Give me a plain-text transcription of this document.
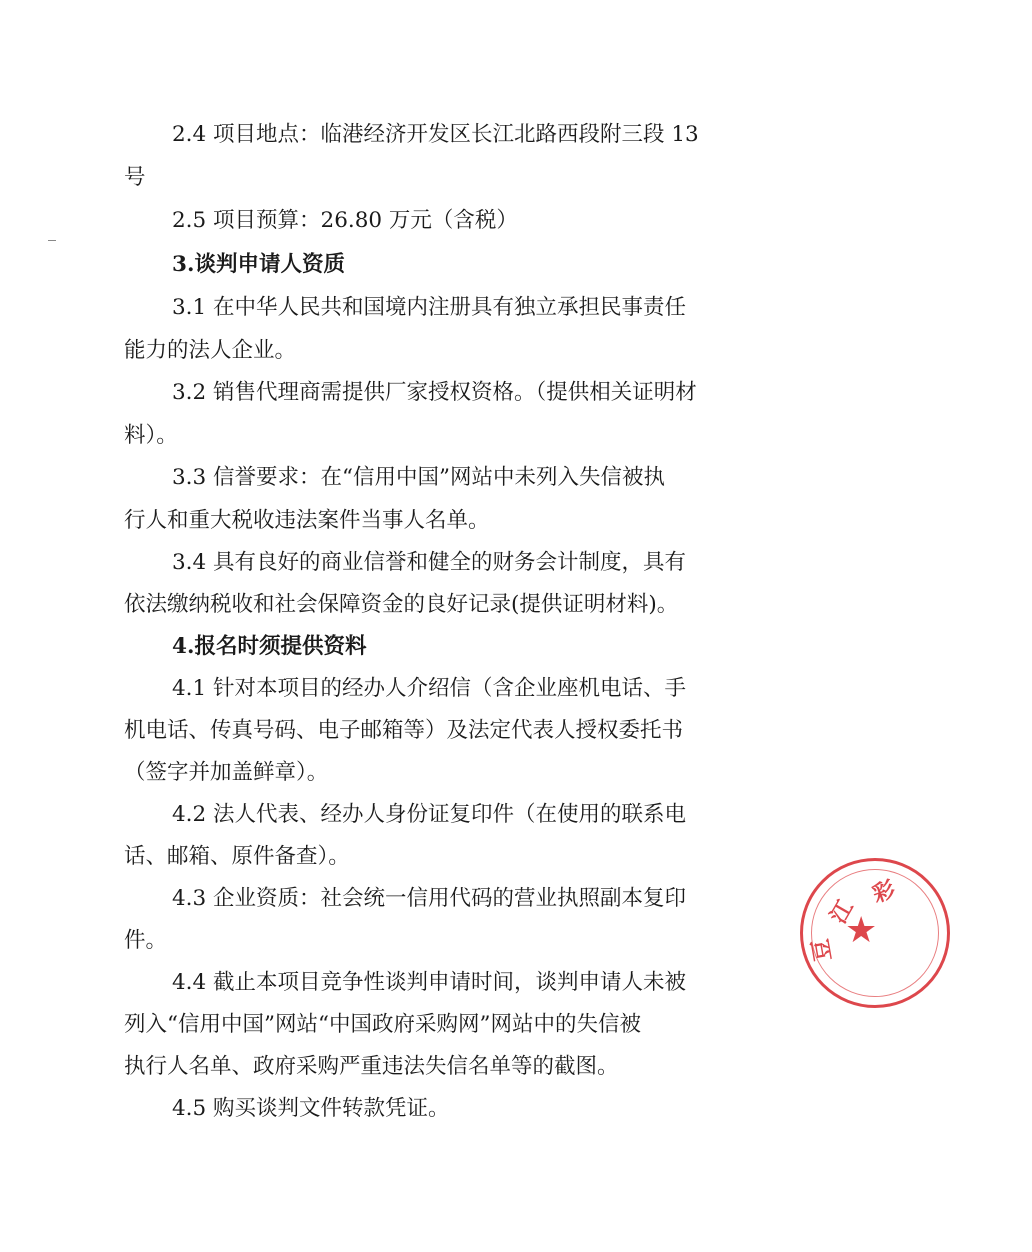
2.4 项目地点：临港经济开发区长江北路西段附三段 13
号
2.5 项目预算：26.80 万元（含税）
3.谈判申请人资质
3.1 在中华人民共和国境内注册具有独立承担民事责任
能力的法人企业。
3.2 销售代理商需提供厂家授权资格。（提供相关证明材
料）。
3.3 信誉要求：在“信用中国”网站中未列入失信被执
行人和重大税收违法案件当事人名单。
3.4 具有良好的商业信誉和健全的财务会计制度，具有
依法缴纳税收和社会保障资金的良好记录(提供证明材料)。
4.报名时须提供资料
4.1 针对本项目的经办人介绍信（含企业座机电话、手
机电话、传真号码、电子邮箱等）及法定代表人授权委托书
（签字并加盖鲜章）。
4.2 法人代表、经办人身份证复印件（在使用的联系电
话、邮箱、原件备查）。
4.3 企业资质：社会统一信用代码的营业执照副本复印
件。
4.4 截止本项目竞争性谈判申请时间，谈判申请人未被
列入“信用中国”网站“中国政府采购网”网站中的失信被
执行人名单、政府采购严重违法失信名单等的截图。
4.5 购买谈判文件转款凭证。
★
彩
江
豆
